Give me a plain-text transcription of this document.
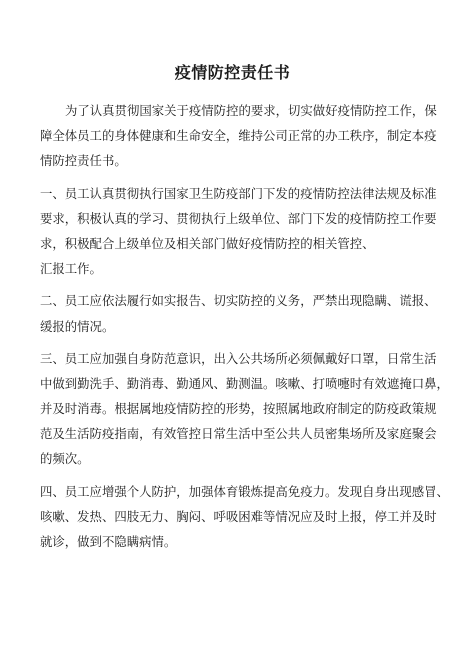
疫情防控责任书
为了认真贯彻国家关于疫情防控的要求，切实做好疫情防控工作，保
障全体员工的身体健康和生命安全，维持公司正常的办工秩序，制定本疫
情防控责任书。
一、员工认真贯彻执行国家卫生防疫部门下发的疫情防控法律法规及标准
要求，积极认真的学习、贯彻执行上级单位、部门下发的疫情防控工作要
求，积极配合上级单位及相关部门做好疫情防控的相关管控、
汇报工作。
二、员工应依法履行如实报告、切实防控的义务，严禁出现隐瞒、谎报、
缓报的情况。
三、员工应加强自身防范意识，出入公共场所必须佩戴好口罩，日常生活
中做到勤洗手、勤消毒、勤通风、勤测温。咳嗽、打喷嚏时有效遮掩口鼻，
并及时消毒。根据属地疫情防控的形势，按照属地政府制定的防疫政策规
范及生活防疫指南，有效管控日常生活中至公共人员密集场所及家庭聚会
的频次。
四、员工应增强个人防护，加强体育锻炼提高免疫力。发现自身出现感冒、
咳嗽、发热、四肢无力、胸闷、呼吸困难等情况应及时上报，停工并及时
就诊，做到不隐瞒病情。
